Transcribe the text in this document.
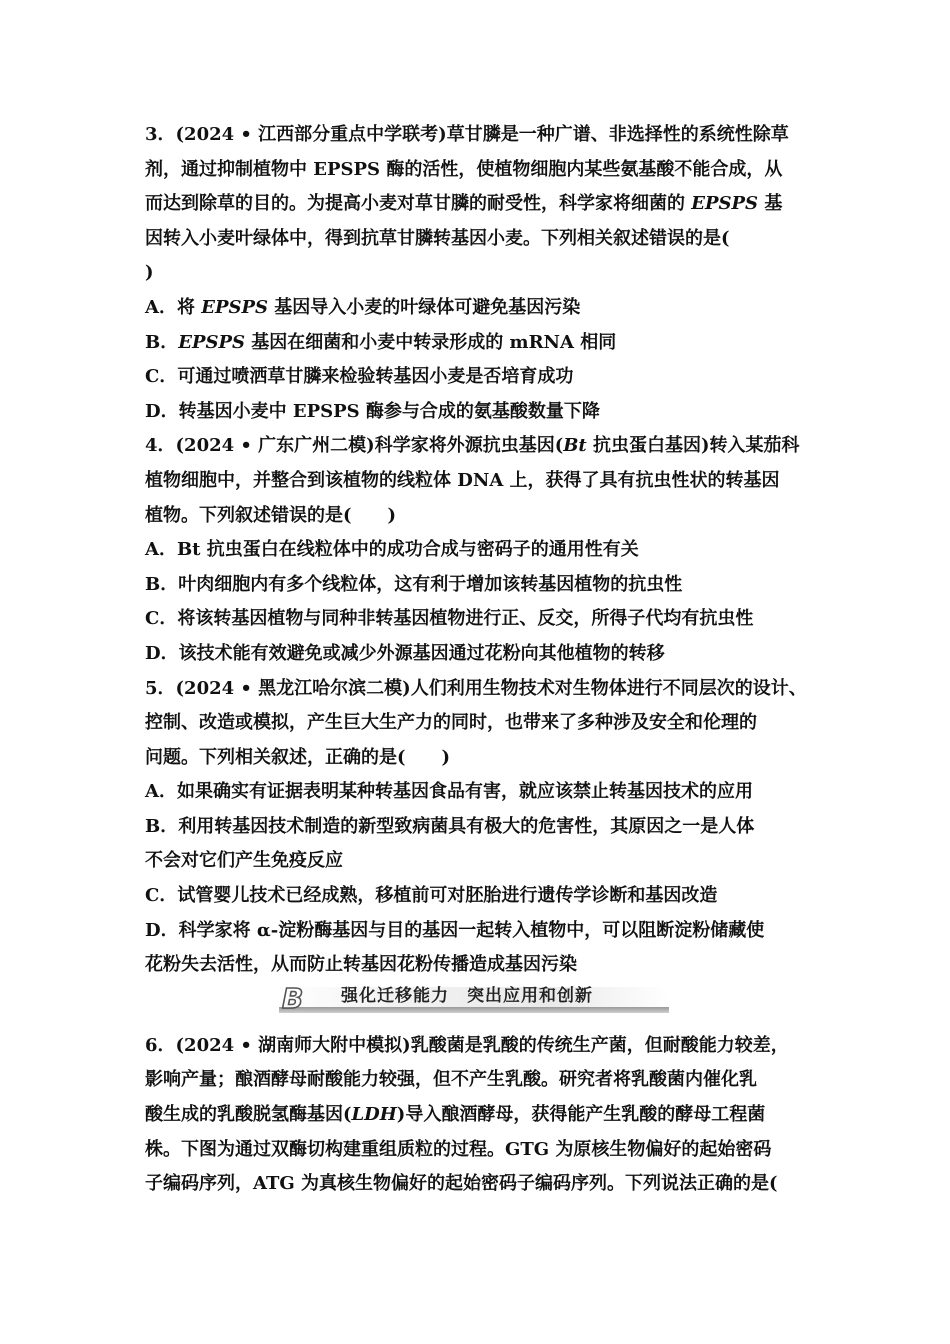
3．(2024 • 江西部分重点中学联考)草甘膦是一种广谱、非选择性的系统性除草
剂，通过抑制植物中 EPSPS 酶的活性，使植物细胞内某些氨基酸不能合成，从
而达到除草的目的。为提高小麦对草甘膦的耐受性，科学家将细菌的 EPSPS 基
因转入小麦叶绿体中，得到抗草甘膦转基因小麦。下列相关叙述错误的是(
)
A．将 EPSPS 基因导入小麦的叶绿体可避免基因污染
B．EPSPS 基因在细菌和小麦中转录形成的 mRNA 相同
C．可通过喷洒草甘膦来检验转基因小麦是否培育成功
D．转基因小麦中 EPSPS 酶参与合成的氨基酸数量下降
4．(2024 • 广东广州二模)科学家将外源抗虫基因(Bt 抗虫蛋白基因)转入某茄科
植物细胞中，并整合到该植物的线粒体 DNA 上，获得了具有抗虫性状的转基因
植物。下列叙述错误的是(　　)
A．Bt 抗虫蛋白在线粒体中的成功合成与密码子的通用性有关
B．叶肉细胞内有多个线粒体，这有利于增加该转基因植物的抗虫性
C．将该转基因植物与同种非转基因植物进行正、反交，所得子代均有抗虫性
D．该技术能有效避免或减少外源基因通过花粉向其他植物的转移
5．(2024 • 黑龙江哈尔滨二模)人们利用生物技术对生物体进行不同层次的设计、
控制、改造或模拟，产生巨大生产力的同时，也带来了多种涉及安全和伦理的
问题。下列相关叙述，正确的是(　　)
A．如果确实有证据表明某种转基因食品有害，就应该禁止转基因技术的应用
B．利用转基因技术制造的新型致病菌具有极大的危害性，其原因之一是人体
不会对它们产生免疫反应
C．试管婴儿技术已经成熟，移植前可对胚胎进行遗传学诊断和基因改造
D．科学家将 α-淀粉酶基因与目的基因一起转入植物中，可以阻断淀粉储藏使
花粉失去活性，从而防止转基因花粉传播造成基因污染
B 强化迁移能力　突出应用和创新
6．(2024 • 湖南师大附中模拟)乳酸菌是乳酸的传统生产菌，但耐酸能力较差，
影响产量；酿酒酵母耐酸能力较强，但不产生乳酸。研究者将乳酸菌内催化乳
酸生成的乳酸脱氢酶基因(LDH)导入酿酒酵母，获得能产生乳酸的酵母工程菌
株。下图为通过双酶切构建重组质粒的过程。GTG 为原核生物偏好的起始密码
子编码序列，ATG 为真核生物偏好的起始密码子编码序列。下列说法正确的是(
